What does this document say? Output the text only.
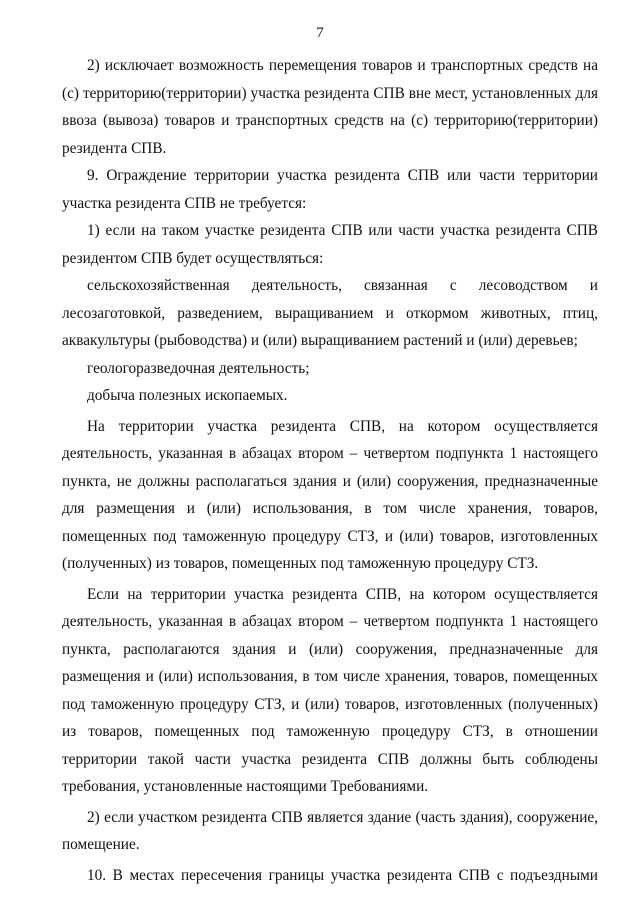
7

2) исключает возможность перемещения товаров и транспортных средств на (с) территорию(территории) участка резидента СПВ вне мест, установленных для ввоза (вывоза) товаров и транспортных средств на (с) территорию(территории) резидента СПВ.

9. Ограждение территории участка резидента СПВ или части территории участка резидента СПВ не требуется:

1) если на таком участке резидента СПВ или части участка резидента СПВ резидентом СПВ будет осуществляться:

сельскохозяйственная деятельность, связанная с лесоводством и лесозаготовкой, разведением, выращиванием и откормом животных, птиц, аквакультуры (рыбоводства) и (или) выращиванием растений и (или) деревьев;

геологоразведочная деятельность;

добыча полезных ископаемых.

На территории участка резидента СПВ, на котором осуществляется деятельность, указанная в абзацах втором – четвертом подпункта 1 настоящего пункта, не должны располагаться здания и (или) сооружения, предназначенные для размещения и (или) использования, в том числе хранения, товаров, помещенных под таможенную процедуру СТЗ, и (или) товаров, изготовленных (полученных) из товаров, помещенных под таможенную процедуру СТЗ.

Если на территории участка резидента СПВ, на котором осуществляется деятельность, указанная в абзацах втором – четвертом подпункта 1 настоящего пункта, располагаются здания и (или) сооружения, предназначенные для размещения и (или) использования, в том числе хранения, товаров, помещенных под таможенную процедуру СТЗ, и (или) товаров, изготовленных (полученных) из товаров, помещенных под таможенную процедуру СТЗ, в отношении территории такой части участка резидента СПВ должны быть соблюдены требования, установленные настоящими Требованиями.

2) если участком резидента СПВ является здание (часть здания), сооружение, помещение.

10. В местах пересечения границы участка резидента СПВ с подъездными
